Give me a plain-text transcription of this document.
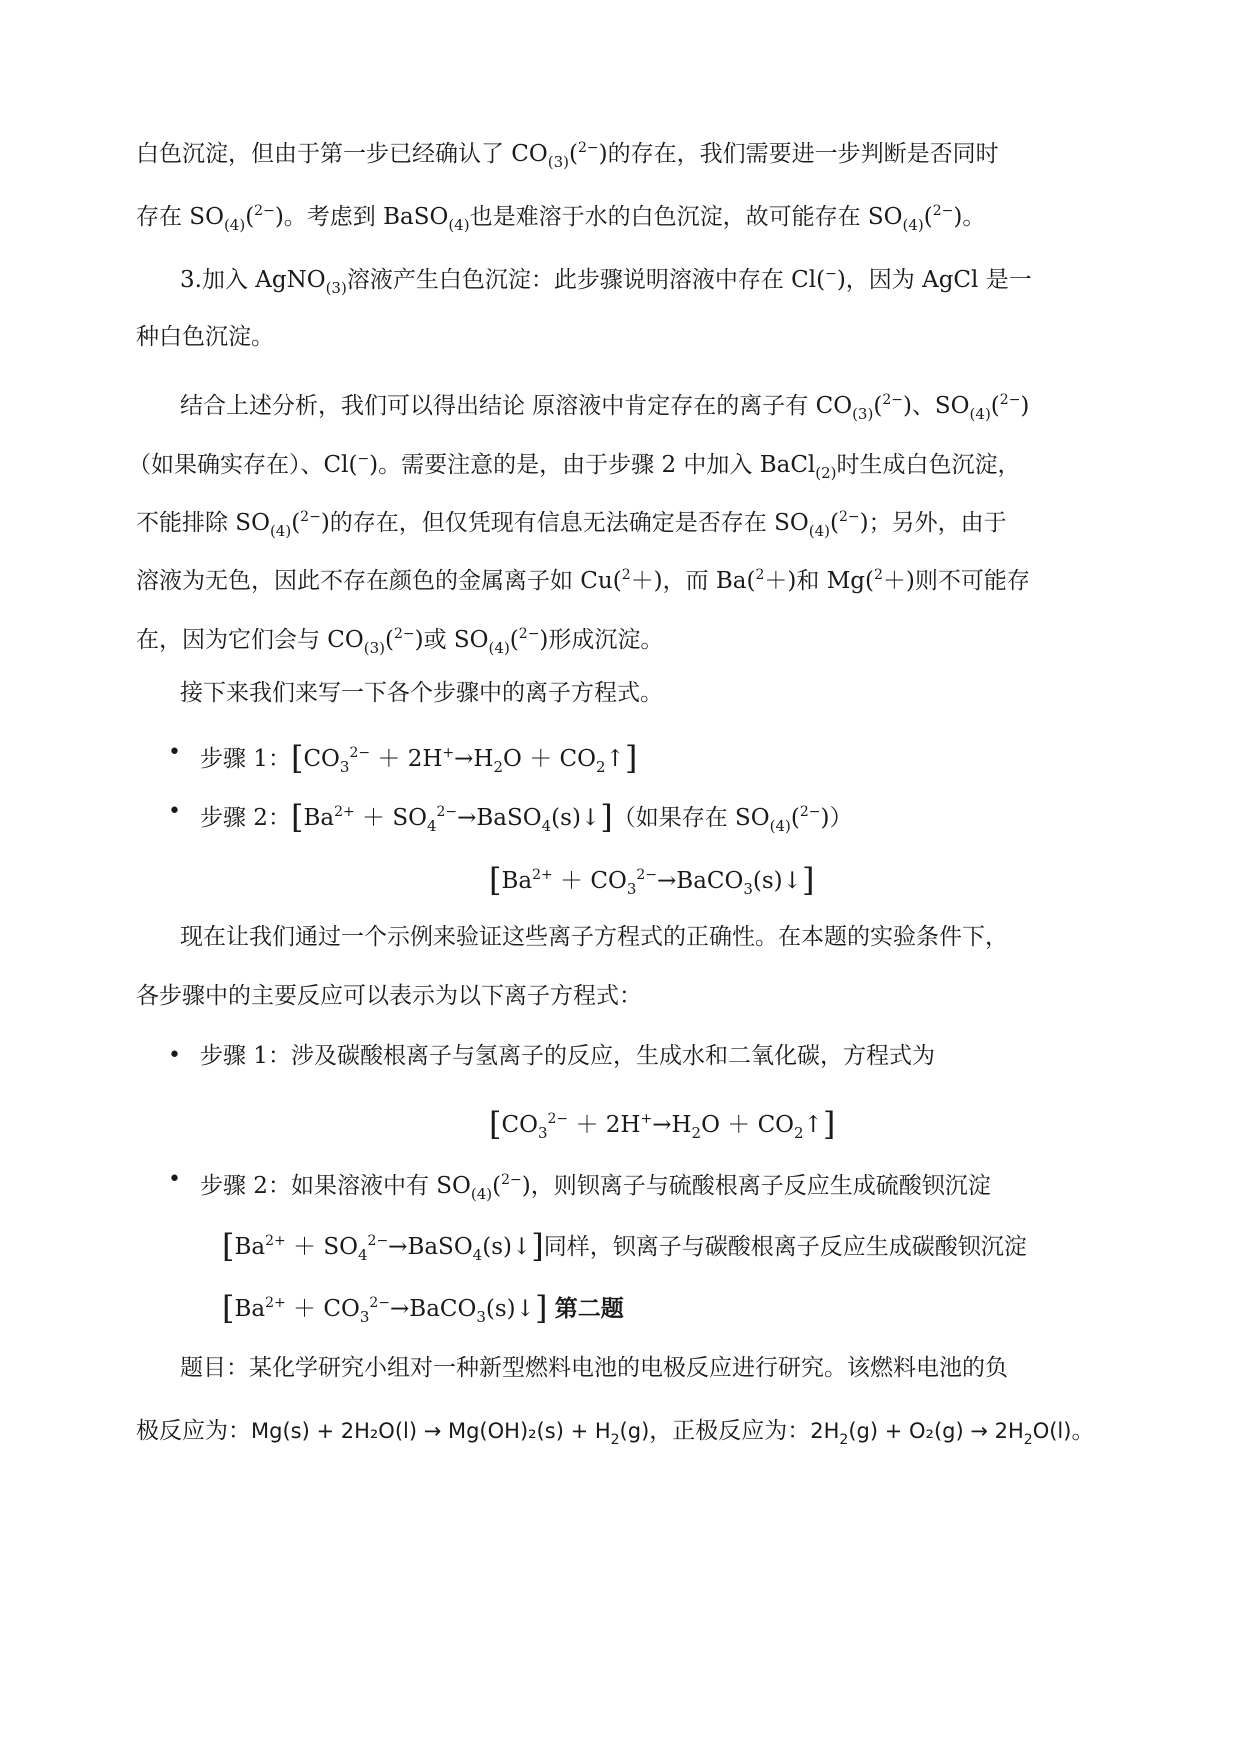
白色沉淀，但由于第一步已经确认了 $CO_{(3)}(^{2-})$的存在，我们需要进一步判断是否同时
存在 $SO_{(4)}(^{2-})$。考虑到 BaSO$_{(4)}$也是难溶于水的白色沉淀，故可能存在 $SO_{(4)}(^{2-})$。
3.加入 AgNO$_{(3)}$溶液产生白色沉淀：此步骤说明溶液中存在 Cl(−)，因为 AgCl 是一
种白色沉淀。
结合上述分析，我们可以得出结论 原溶液中肯定存在的离子有 $CO_{(3)}(^{2-})$、$SO_{(4)}(^{2-})$
（如果确实存在）、Cl(−)。需要注意的是，由于步骤 2 中加入 BaCl$_{(2)}$时生成白色沉淀，
不能排除 $SO_{(4)}(^{2-})$的存在，但仅凭现有信息无法确定是否存在 $SO_{(4)}(^{2-})$；另外，由于
溶液为无色，因此不存在颜色的金属离子如 Cu($^2$＋)，而 Ba($^2$＋)和 Mg($^2$＋)则不可能存
在，因为它们会与 $CO_{(3)}(^{2-})$或 $SO_{(4)}(^{2-})$形成沉淀。
接下来我们来写一下各个步骤中的离子方程式。
• 步骤 1：[$CO_3^{2-} + 2H^+\to H_2O$ ＋ $CO_2↑$]
• 步骤 2：[$Ba^{2+}$ ＋ $SO_4^{2-}\to BaSO_4(s)↓$]（如果存在 $SO_{(4)}(^{2-})$）
[$Ba^{2+}$ ＋ $CO_3^{2-}\to BaCO_3(s)↓$]
现在让我们通过一个示例来验证这些离子方程式的正确性。在本题的实验条件下，
各步骤中的主要反应可以表示为以下离子方程式：
• 步骤 1：涉及碳酸根离子与氢离子的反应，生成水和二氧化碳，方程式为
[$CO_3^{2-} + 2H^+\to H_2O$ ＋ $CO_2↑$]
• 步骤 2：如果溶液中有 $SO_{(4)}(^{2-})$，则钡离子与硫酸根离子反应生成硫酸钡沉淀
[$Ba^{2+}$ ＋ $SO_4^{2-}\to BaSO_4(s)↓$]同样，钡离子与碳酸根离子反应生成碳酸钡沉淀
[$Ba^{2+}$ ＋ $CO_3^{2-}\to BaCO_3(s)↓$] 第二题
题目：某化学研究小组对一种新型燃料电池的电极反应进行研究。该燃料电池的负
极反应为：$Mg(s) + 2H_2O(l) \to Mg(OH)_2(s) + H_2(g)$，正极反应为：$2H_2(g) + O_2(g) \to 2H_2O(l)$。
